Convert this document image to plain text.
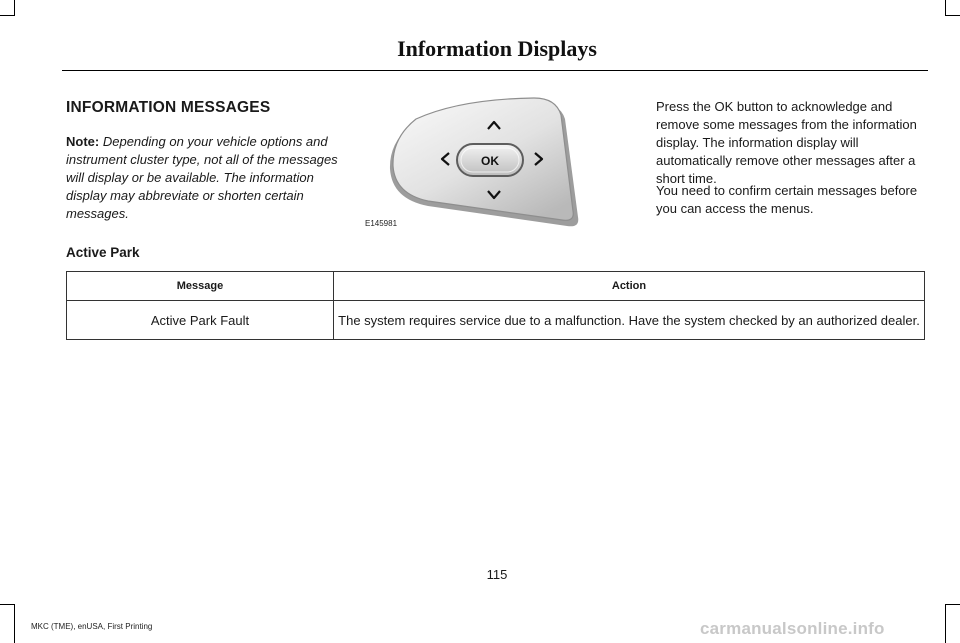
Information Displays
INFORMATION MESSAGES
Note: Depending on your vehicle options and instrument cluster type, not all of the messages will display or be available. The information display may abbreviate or shorten certain messages.
OK
E145981
Press the OK button to acknowledge and remove some messages from the information display. The information display will automatically remove other messages after a short time.
You need to confirm certain messages before you can access the menus.
Active Park
Message	Action
Active Park Fault	The system requires service due to a malfunction. Have the system checked by an authorized dealer.
115
MKC (TME), enUSA, First Printing	carmanualsonline.info
